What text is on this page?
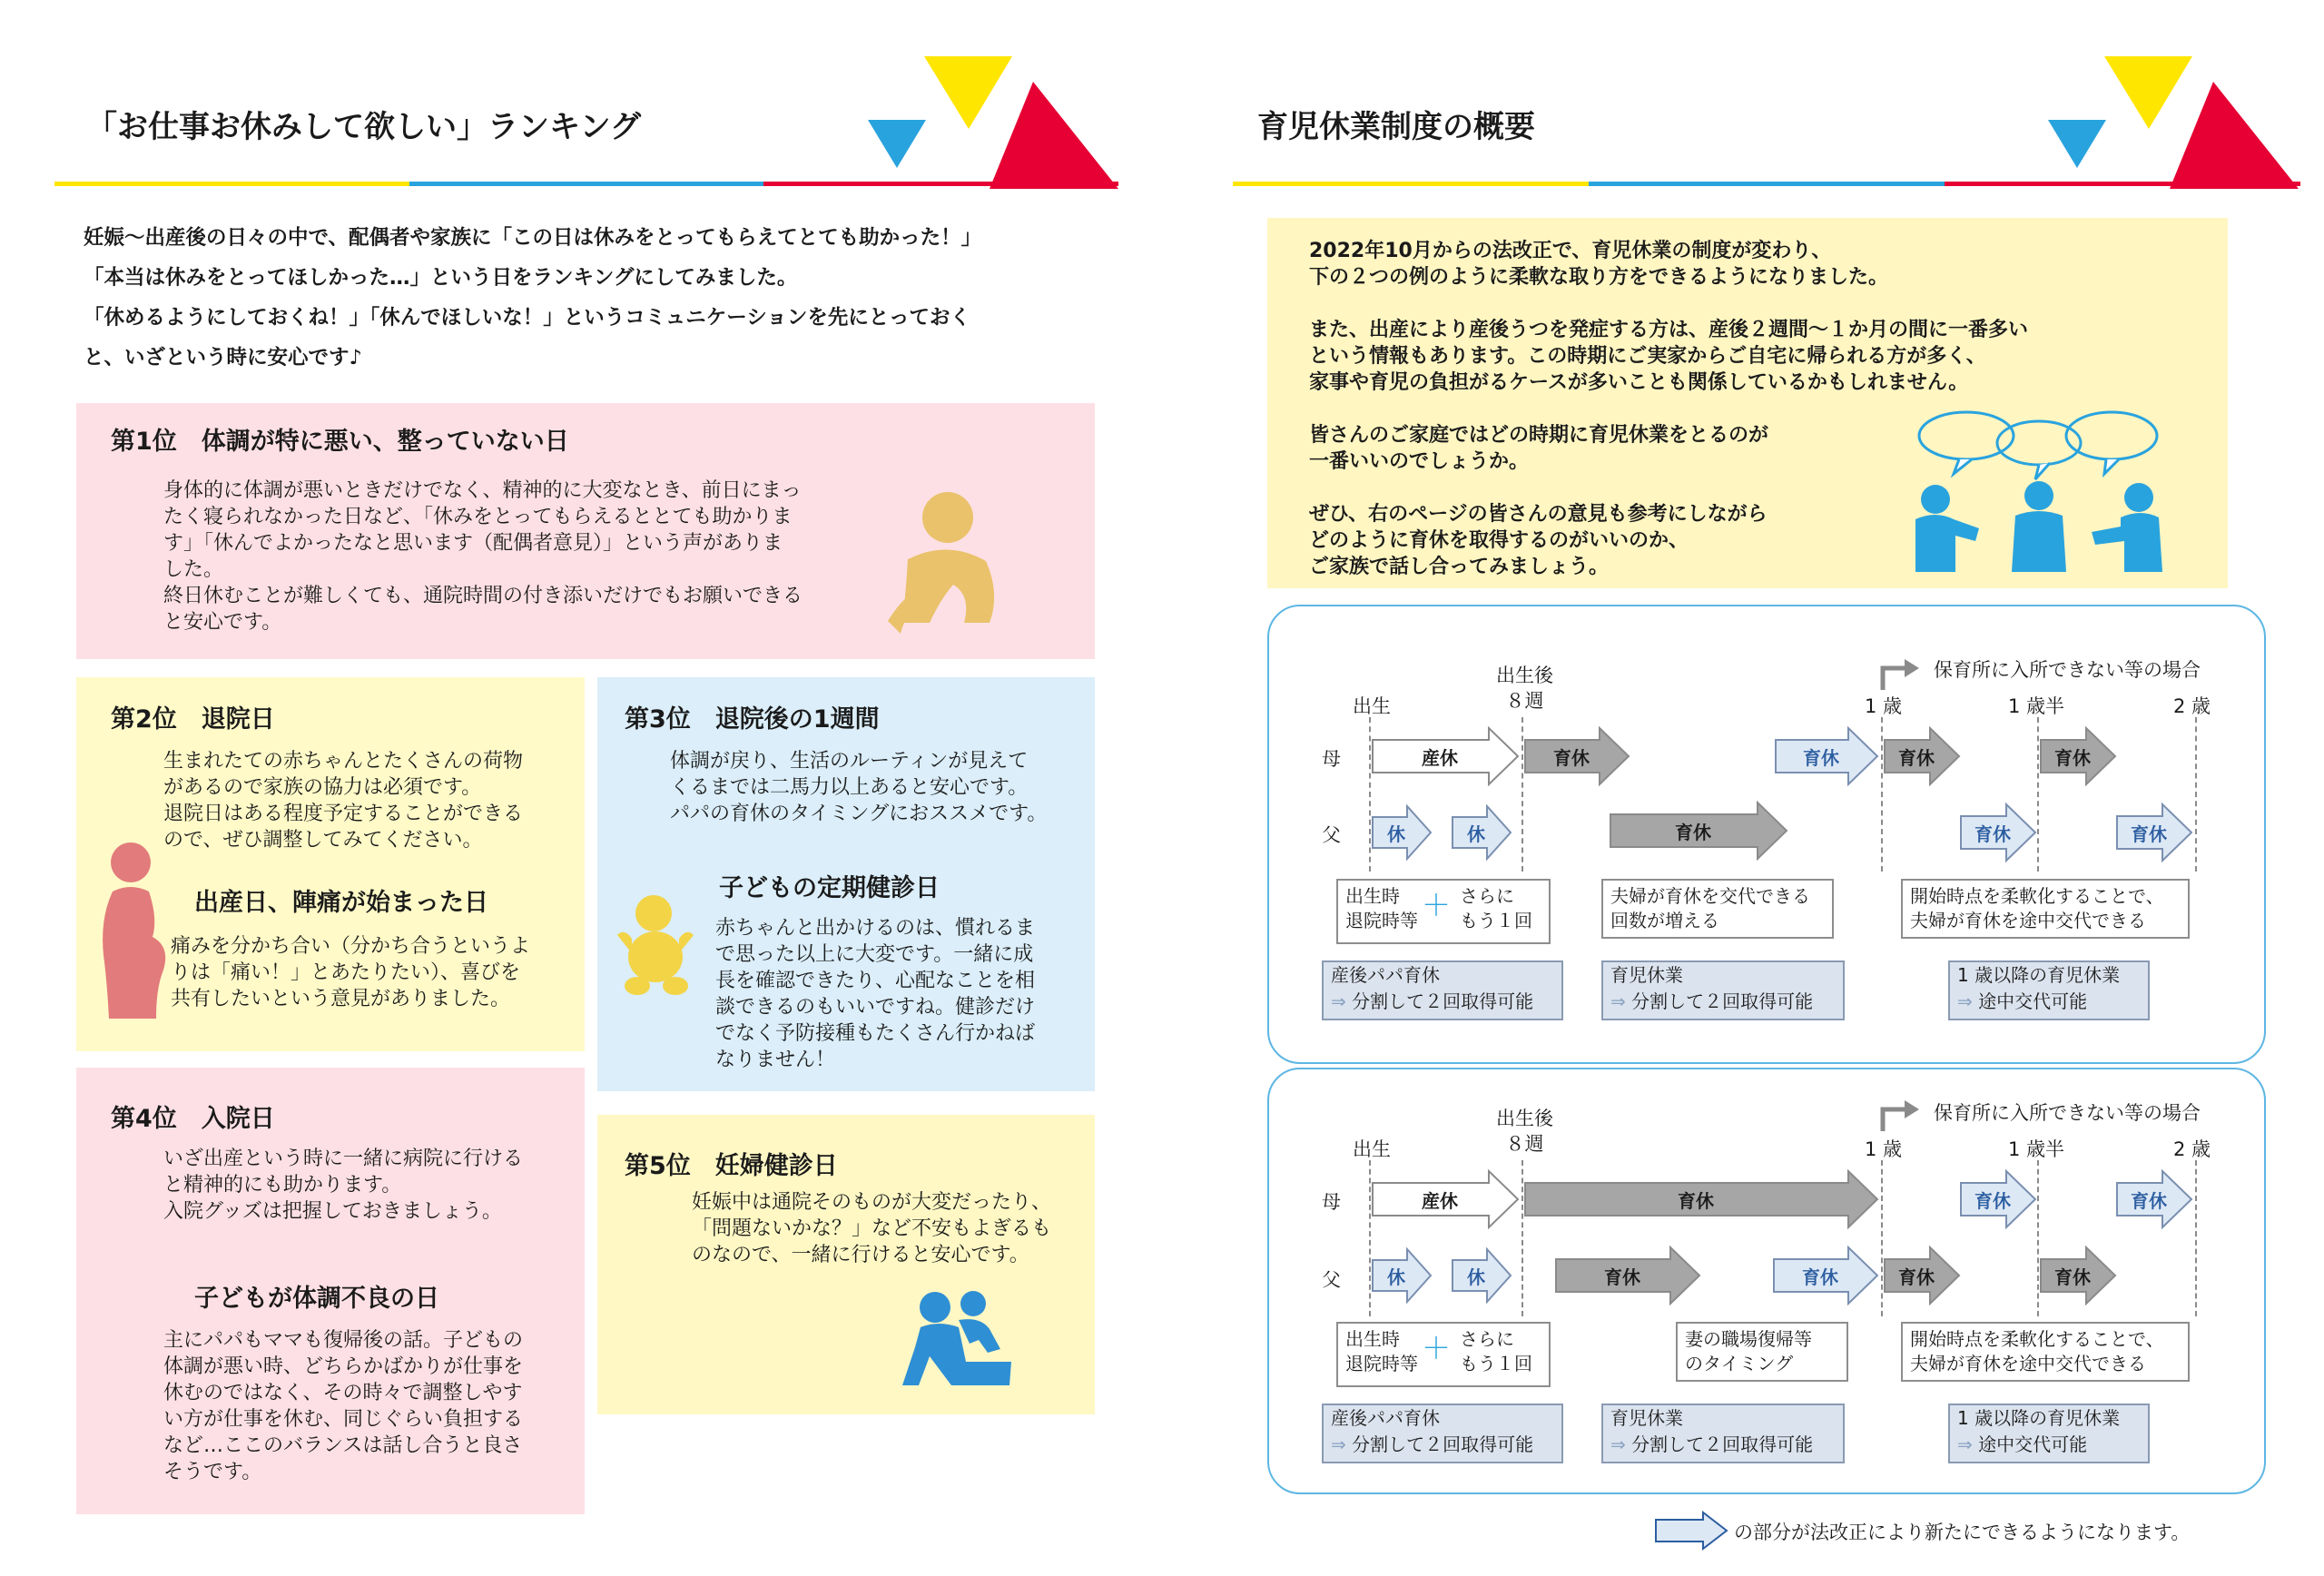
「お仕事お休みして欲しい」ランキング
妊娠～出産後の日々の中で、配偶者や家族に「この日は休みをとってもらえてとても助かった！」
「本当は休みをとってほしかった…」という日をランキングにしてみました。
「休めるようにしておくね！」「休んでほしいな！」というコミュニケーションを先にとっておく
と、いざという時に安心です♪
第1位　体調が特に悪い、整っていない日
身体的に体調が悪いときだけでなく、精神的に大変なとき、前日にまっ
たく寝られなかった日など、「休みをとってもらえるととても助かりま
す」「休んでよかったなと思います（配偶者意見）」という声がありま
した。
終日休むことが難しくても、通院時間の付き添いだけでもお願いできる
と安心です。
第2位　退院日
生まれたての赤ちゃんとたくさんの荷物
があるので家族の協力は必須です。
退院日はある程度予定することができる
ので、ぜひ調整してみてください。
出産日、陣痛が始まった日
痛みを分かち合い（分かち合うというよ
りは「痛い！」とあたりたい）、喜びを
共有したいという意見がありました。
第3位　退院後の1週間
体調が戻り、生活のルーティンが見えて
くるまでは二馬力以上あると安心です。
パパの育休のタイミングにおススメです。
子どもの定期健診日
赤ちゃんと出かけるのは、慣れるま
で思った以上に大変です。一緒に成
長を確認できたり、心配なことを相
談できるのもいいですね。健診だけ
でなく予防接種もたくさん行かねば
なりません！
第4位　入院日
いざ出産という時に一緒に病院に行ける
と精神的にも助かります。
入院グッズは把握しておきましょう。
子どもが体調不良の日
主にパパもママも復帰後の話。子どもの
体調が悪い時、どちらかばかりが仕事を
休むのではなく、その時々で調整しやす
い方が仕事を休む、同じぐらい負担する
など…ここのバランスは話し合うと良さ
そうです。
第5位　妊婦健診日
妊娠中は通院そのものが大変だったり、
「問題ないかな？」など不安もよぎるも
のなので、一緒に行けると安心です。
育児休業制度の概要
2022年10月からの法改正で、育児休業の制度が変わり、
下の２つの例のように柔軟な取り方をできるようになりました。

また、出産により産後うつを発症する方は、産後２週間～１か月の間に一番多い
という情報もあります。この時期にご実家からご自宅に帰られる方が多く、
家事や育児の負担がるケースが多いことも関係しているかもしれません。

皆さんのご家庭ではどの時期に育児休業をとるのが
一番いいのでしょうか。

ぜひ、右のページの皆さんの意見も参考にしながら
どのように育休を取得するのがいいのか、
ご家族で話し合ってみましょう。
出生
出生後
８週
保育所に入所できない等の場合
1 歳	1 歳半	2 歳
母
父
産休	育休	育休	育休	育休
休	休	育休	育休	育休
出生時
退院時等 ＋ さらに
もう１回
夫婦が育休を交代できる
回数が増える
開始時点を柔軟化することで、
夫婦が育休を途中交代できる
産後パパ育休
⇒ 分割して２回取得可能
育児休業
⇒ 分割して２回取得可能
1 歳以降の育児休業
⇒ 途中交代可能
出生
出生後
８週
保育所に入所できない等の場合
1 歳	1 歳半	2 歳
母
父
産休	育休	育休	育休
休	休	育休	育休	育休	育休
出生時
退院時等 ＋ さらに
もう１回
妻の職場復帰等
のタイミング
開始時点を柔軟化することで、
夫婦が育休を途中交代できる
産後パパ育休
⇒ 分割して２回取得可能
育児休業
⇒ 分割して２回取得可能
1 歳以降の育児休業
⇒ 途中交代可能
の部分が法改正により新たにできるようになります。
